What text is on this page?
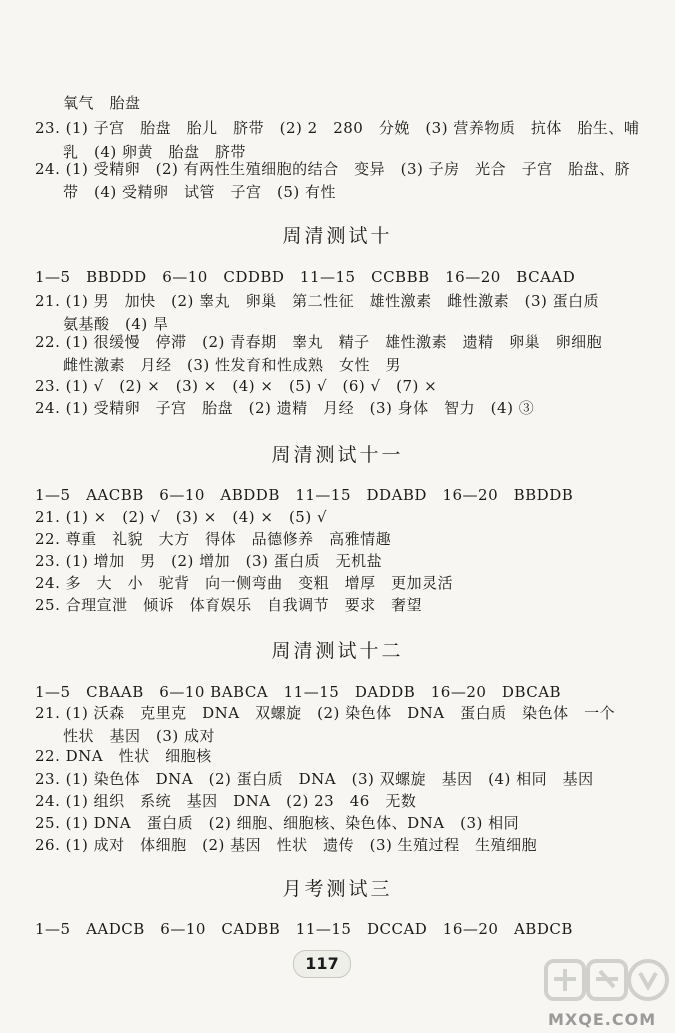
氧气　胎盘
23. (1) 子宫　胎盘　胎儿　脐带　(2) 2　280　分娩　(3) 营养物质　抗体　胎生、哺
乳　(4) 卵黄　胎盘　脐带
24. (1) 受精卵　(2) 有两性生殖细胞的结合　变异　(3) 子房　光合　子宫　胎盘、脐
带　(4) 受精卵　试管　子宫　(5) 有性
周清测试十
1—5　BBDDD　6—10　CDDBD　11—15　CCBBB　16—20　BCAAD
21. (1) 男　加快　(2) 睾丸　卵巢　第二性征　雄性激素　雌性激素　(3) 蛋白质
氨基酸　(4) 旱
22. (1) 很缓慢　停滞　(2) 青春期　睾丸　精子　雄性激素　遗精　卵巢　卵细胞
雌性激素　月经　(3) 性发育和性成熟　女性　男
23. (1) √　(2) ×　(3) ×　(4) ×　(5) √　(6) √　(7) ×
24. (1) 受精卵　子宫　胎盘　(2) 遗精　月经　(3) 身体　智力　(4) ③
周清测试十一
1—5　AACBB　6—10　ABDDB　11—15　DDABD　16—20　BBDDB
21. (1) ×　(2) √　(3) ×　(4) ×　(5) √
22. 尊重　礼貌　大方　得体　品德修养　高雅情趣
23. (1) 增加　男　(2) 增加　(3) 蛋白质　无机盐
24. 多　大　小　驼背　向一侧弯曲　变粗　增厚　更加灵活
25. 合理宣泄　倾诉　体育娱乐　自我调节　要求　奢望
周清测试十二
1—5　CBAAB　6—10 BABCA　11—15　DADDB　16—20　DBCAB
21. (1) 沃森　克里克　DNA　双螺旋　(2) 染色体　DNA　蛋白质　染色体　一个
性状　基因　(3) 成对
22. DNA　性状　细胞核
23. (1) 染色体　DNA　(2) 蛋白质　DNA　(3) 双螺旋　基因　(4) 相同　基因
24. (1) 组织　系统　基因　DNA　(2) 23　46　无数
25. (1) DNA　蛋白质　(2) 细胞、细胞核、染色体、DNA　(3) 相同
26. (1) 成对　体细胞　(2) 基因　性状　遗传　(3) 生殖过程　生殖细胞
月考测试三
1—5　AADCB　6—10　CADBB　11—15　DCCAD　16—20　ABDCB
117
MXQE.COM
